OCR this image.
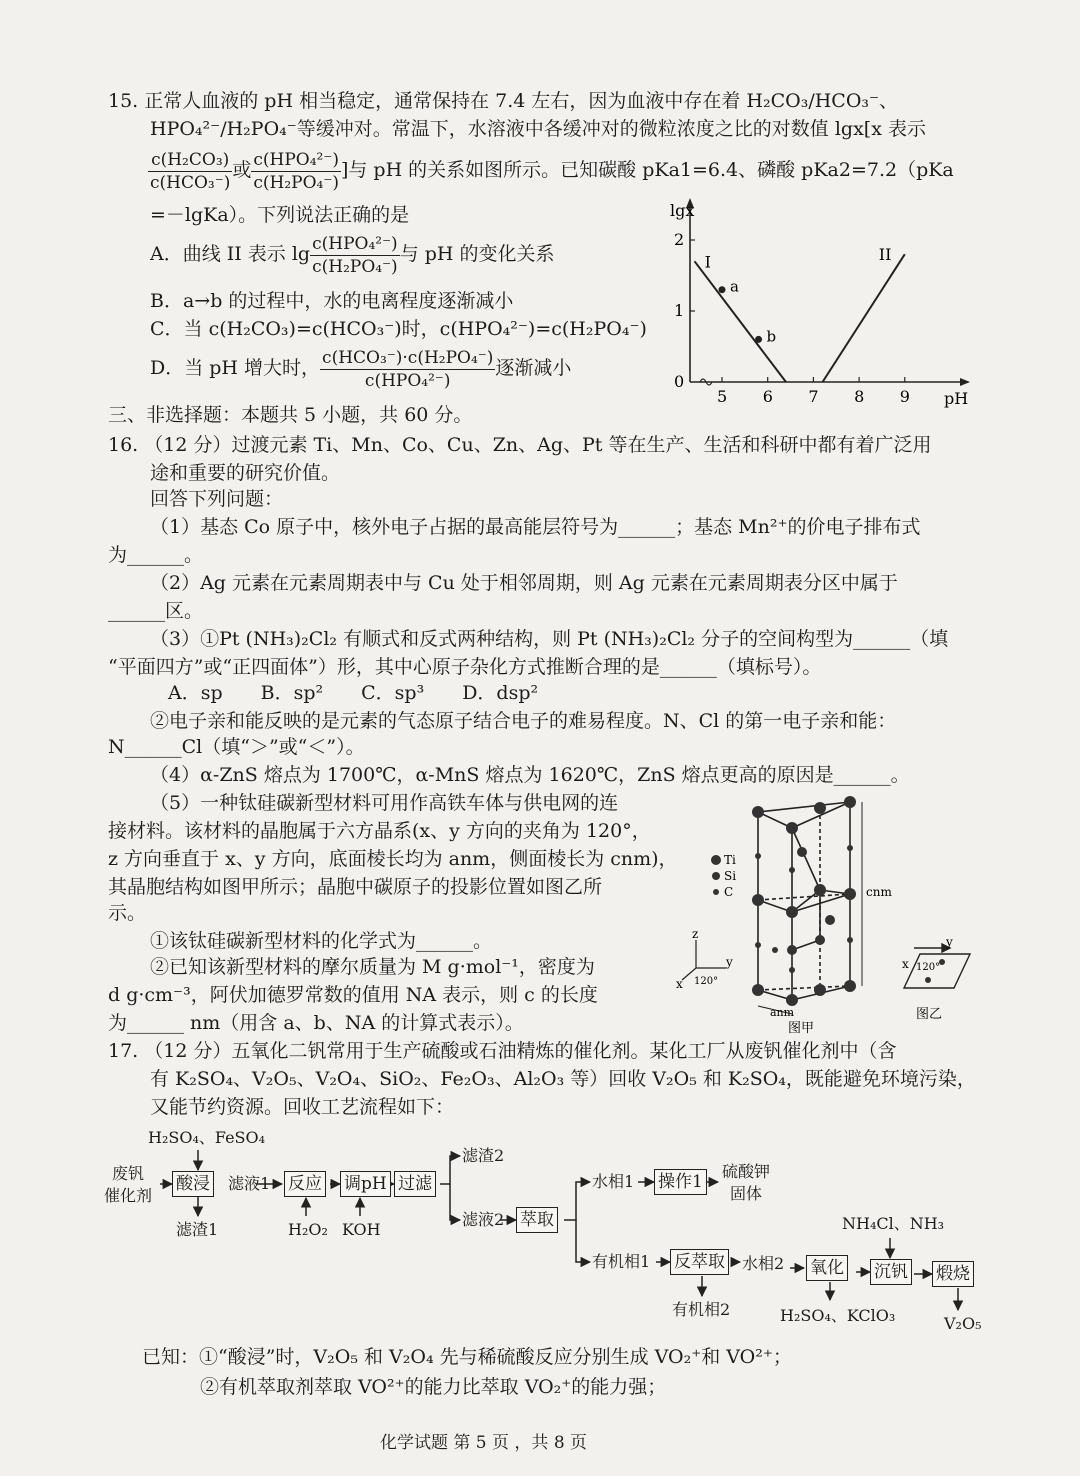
15. 正常人血液的 pH 相当稳定，通常保持在 7.4 左右，因为血液中存在着 H₂CO₃/HCO₃⁻、
HPO₄²⁻/H₂PO₄⁻等缓冲对。常温下，水溶液中各缓冲对的微粒浓度之比的对数值 lgx[x 表示
$\frac{\text{c(H₂CO₃)}}{\text{c(HCO₃⁻)}}$ 或 $\frac{\text{c(HPO₄²⁻)}}{\text{c(H₂PO₄⁻)}}$ ]与 pH 的关系如图所示。已知碳酸 pKa1=6.4、磷酸 pKa2=7.2（pKa
=－lgKa）。下列说法正确的是
A．曲线 II 表示 $\lg \frac{\text{c(HPO₄²⁻)}}{\text{c(H₂PO₄⁻)}}$ 与 pH 的变化关系
B．a→b 的过程中，水的电离程度逐渐减小
C．当 c(H₂CO₃)=c(HCO₃⁻)时，c(HPO₄²⁻)=c(H₂PO₄⁻)
D．当 pH 增大时， $\frac{\text{c(HCO₃⁻)·c(H₂PO₄⁻)}}{\text{c(HPO₄²⁻)}}$ 逐渐减小
lgx
pH
5 6 7 8 9
0
1
2
I	II
a
b
三、非选择题：本题共 5 小题，共 60 分。
16. （12 分）过渡元素 Ti、Mn、Co、Cu、Zn、Ag、Pt 等在生产、生活和科研中都有着广泛用
途和重要的研究价值。
回答下列问题：
（1）基态 Co 原子中，核外电子占据的最高能层符号为______；基态 Mn²⁺的价电子排布式
为______。
（2）Ag 元素在元素周期表中与 Cu 处于相邻周期，则 Ag 元素在元素周期表分区中属于
______区。
（3）①Pt (NH₃)₂Cl₂ 有顺式和反式两种结构，则 Pt (NH₃)₂Cl₂ 分子的空间构型为______（填
“平面四方”或“正四面体”）形，其中心原子杂化方式推断合理的是______（填标号）。
A．sp　　B．sp²　　C．sp³　　D．dsp²
②电子亲和能反映的是元素的气态原子结合电子的难易程度。N、Cl 的第一电子亲和能：
N______Cl（填“＞”或“＜”）。
（4）α-ZnS 熔点为 1700℃，α-MnS 熔点为 1620℃，ZnS 熔点更高的原因是______。
（5）一种钛硅碳新型材料可用作高铁车体与供电网的连
接材料。该材料的晶胞属于六方晶系(x、y 方向的夹角为 120°，
z 方向垂直于 x、y 方向，底面棱长均为 anm，侧面棱长为 cnm)，
其晶胞结构如图甲所示；晶胞中碳原子的投影位置如图乙所
示。
①该钛硅碳新型材料的化学式为______。
②已知该新型材料的摩尔质量为 M g·mol⁻¹，密度为
d g·cm⁻³，阿伏加德罗常数的值用 NA 表示，则 c 的长度
为______ nm（用含 a、b、NA 的计算式表示）。
Ti
Si
C	cnm
anm
图甲
z
y
x 120°
y
x 120°
图乙
17. （12 分）五氧化二钒常用于生产硫酸或石油精炼的催化剂。某化工厂从废钒催化剂中（含
有 K₂SO₄、V₂O₅、V₂O₄、SiO₂、Fe₂O₃、Al₂O₃ 等）回收 V₂O₅ 和 K₂SO₄，既能避免环境污染，
又能节约资源。回收工艺流程如下：
H₂SO₄、FeSO₄
废钒
催化剂
酸浸
滤渣1
滤液1 反应
H₂O₂
调pH
KOH
过滤
滤渣2
滤液2 萃取
水相1 操作1
硫酸钾
固体
有机相1 反萃取
有机相2
水相2 氧化
H₂SO₄、KClO₃
NH₄Cl、NH₃
沉钒 煅烧
V₂O₅
已知：①“酸浸”时，V₂O₅ 和 V₂O₄ 先与稀硫酸反应分别生成 VO₂⁺和 VO²⁺；
②有机萃取剂萃取 VO²⁺的能力比萃取 VO₂⁺的能力强；
化学试题 第 5 页 ，共 8 页
